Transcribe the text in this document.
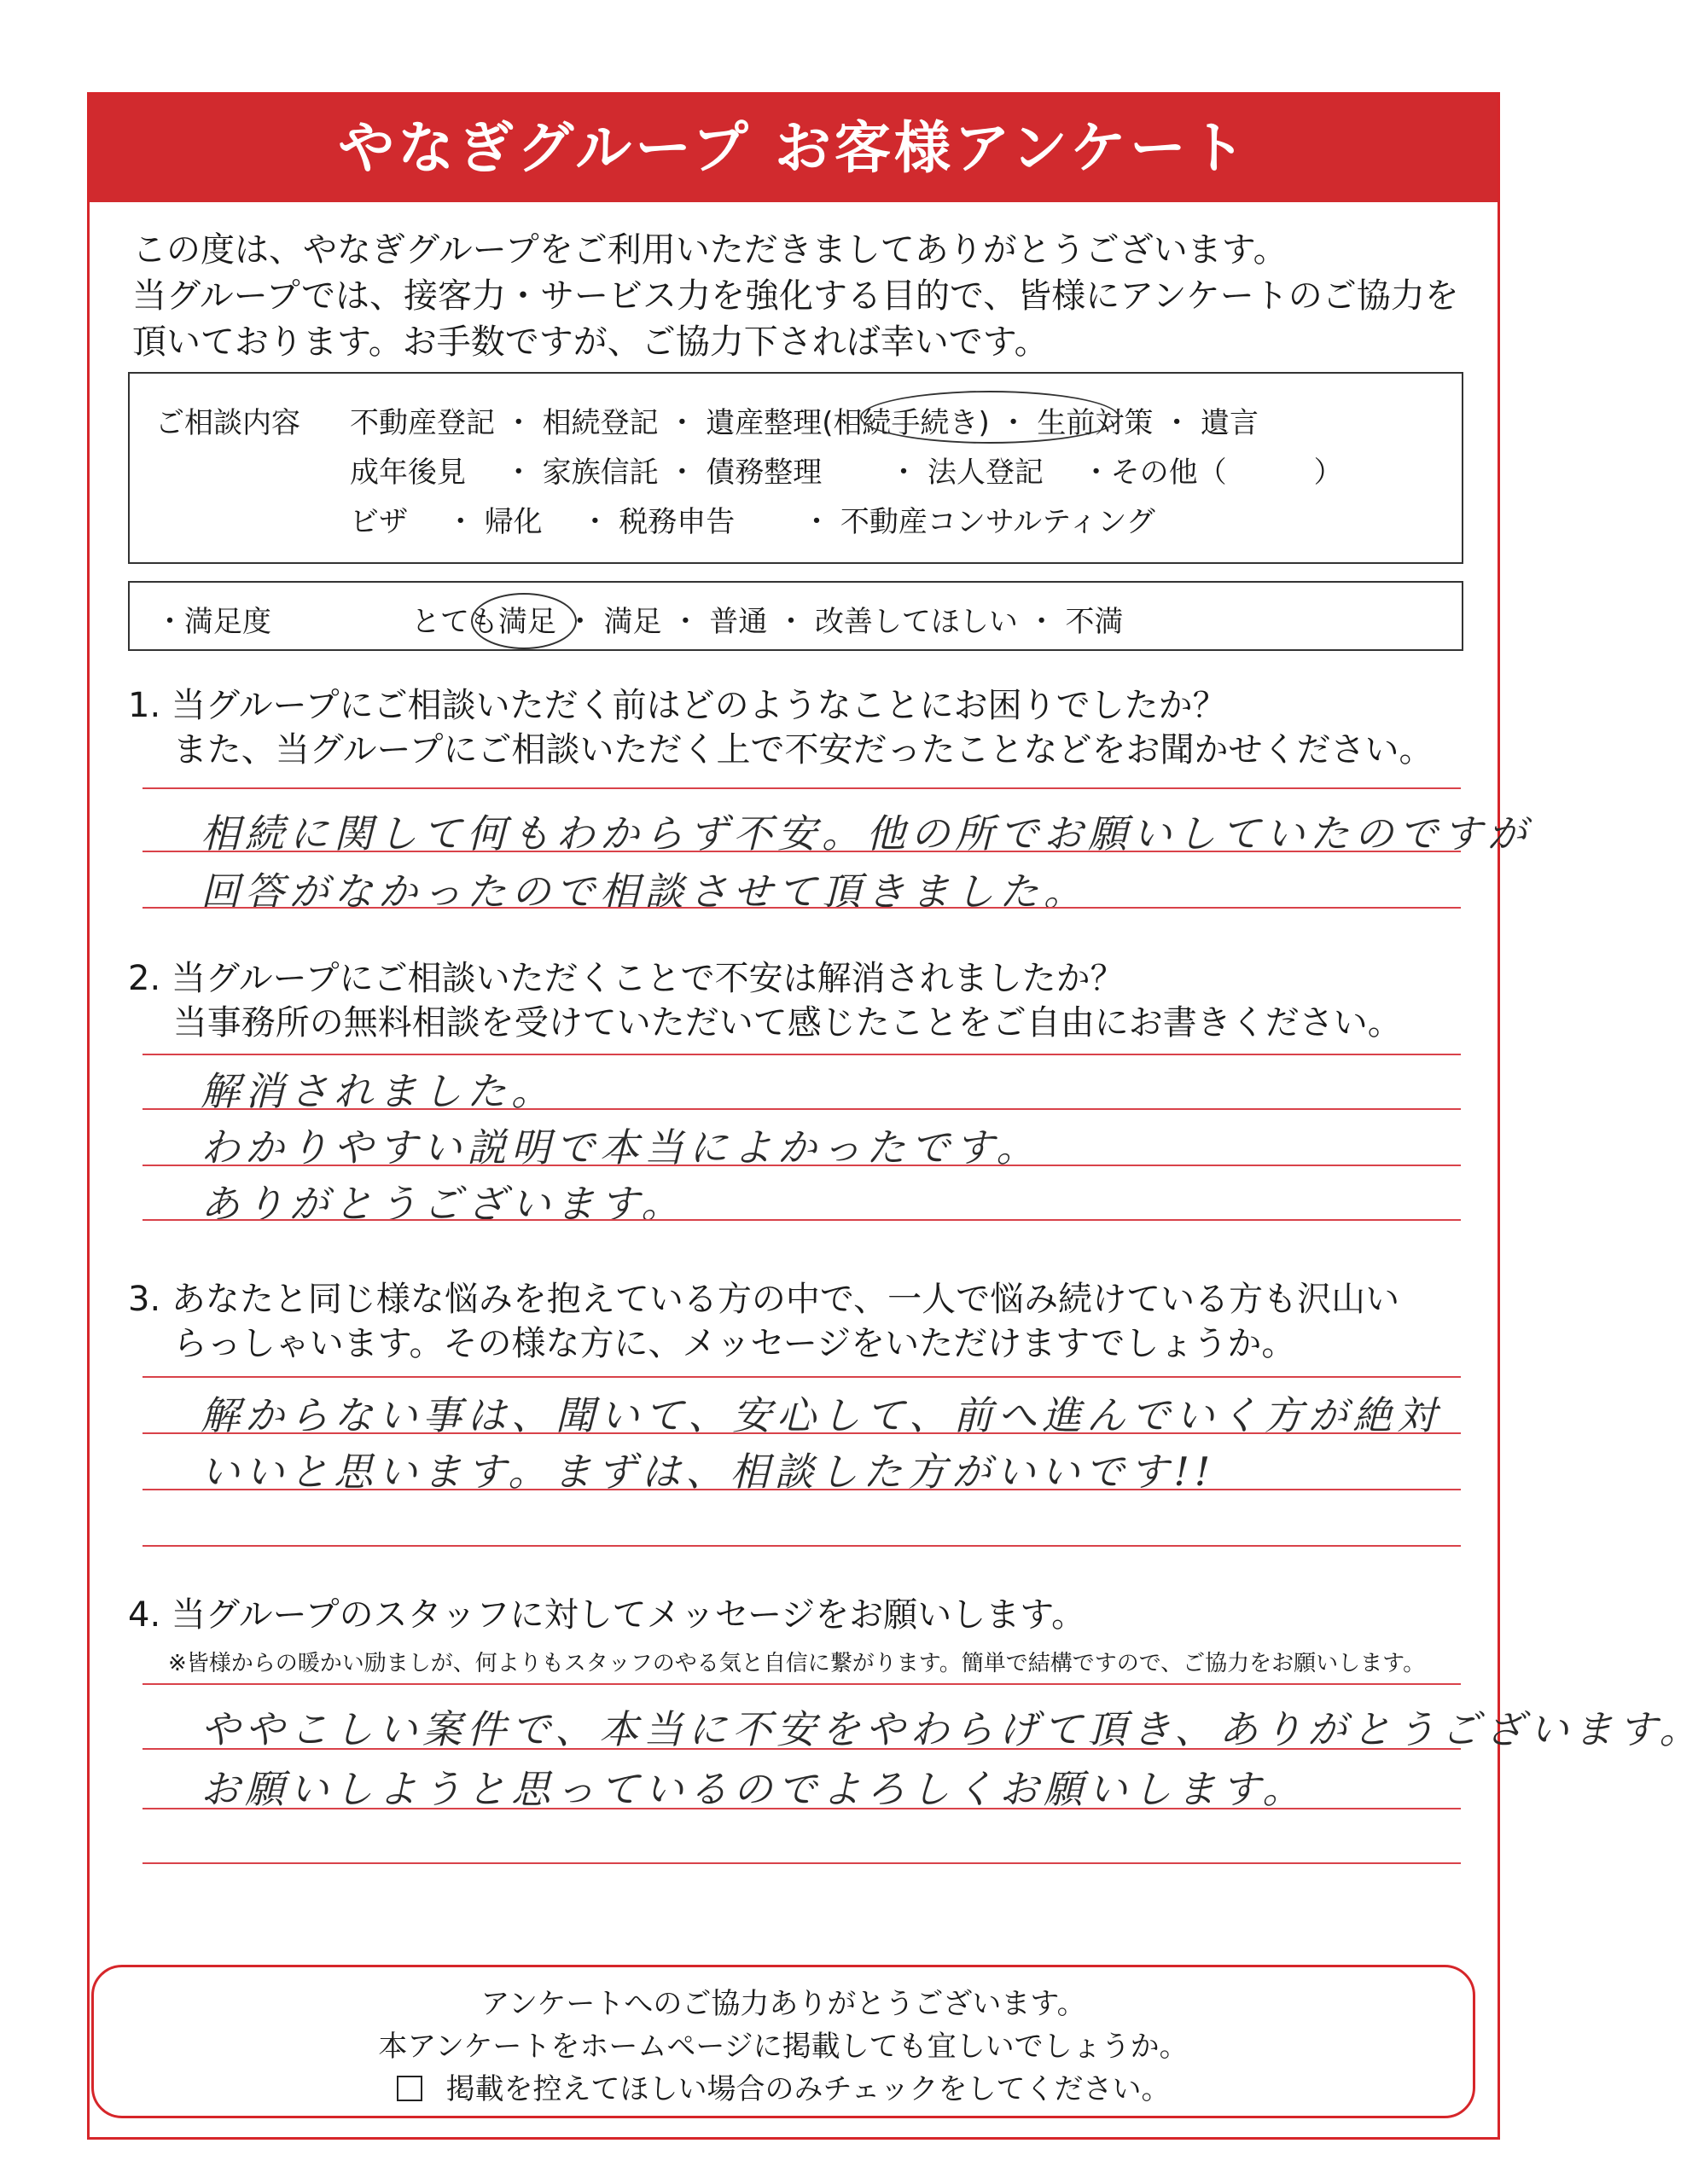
やなぎグループ お客様アンケート
この度は、やなぎグループをご利用いただきましてありがとうございます。
当グループでは、接客力・サービス力を強化する目的で、皆様にアンケートのご協力を
頂いております。お手数ですが、ご協力下されば幸いです。
ご相談内容 不動産登記 ・ 相続登記 ・ 遺産整理(相続手続き) ・ 生前対策 ・ 遺言
成年後見　 ・ 家族信託 ・ 債務整理　　 ・ 法人登記　 ・その他（　　　）
ビザ　 ・ 帰化　 ・ 税務申告　　 ・ 不動産コンサルティング
・満足度	とても満足 ・ 満足 ・ 普通 ・ 改善してほしい ・ 不満
1. 当グループにご相談いただく前はどのようなことにお困りでしたか？
　 また、当グループにご相談いただく上で不安だったことなどをお聞かせください。
相続に関して何もわからず不安。他の所でお願いしていたのですが
回答がなかったので相談させて頂きました。
2. 当グループにご相談いただくことで不安は解消されましたか？
　 当事務所の無料相談を受けていただいて感じたことをご自由にお書きください。
解消されました。
わかりやすい説明で本当によかったです。
ありがとうございます。
3. あなたと同じ様な悩みを抱えている方の中で、一人で悩み続けている方も沢山い
　 らっしゃいます。その様な方に、メッセージをいただけますでしょうか。
解からない事は、聞いて、安心して、前へ進んでいく方が絶対
いいと思います。まずは、相談した方がいいです!!
4. 当グループのスタッフに対してメッセージをお願いします。
※皆様からの暖かい励ましが、何よりもスタッフのやる気と自信に繋がります。簡単で結構ですので、ご協力をお願いします。
ややこしい案件で、本当に不安をやわらげて頂き、ありがとうございます。
お願いしようと思っているのでよろしくお願いします。
アンケートへのご協力ありがとうございます。
本アンケートをホームページに掲載しても宜しいでしょうか。
掲載を控えてほしい場合のみチェックをしてください。
